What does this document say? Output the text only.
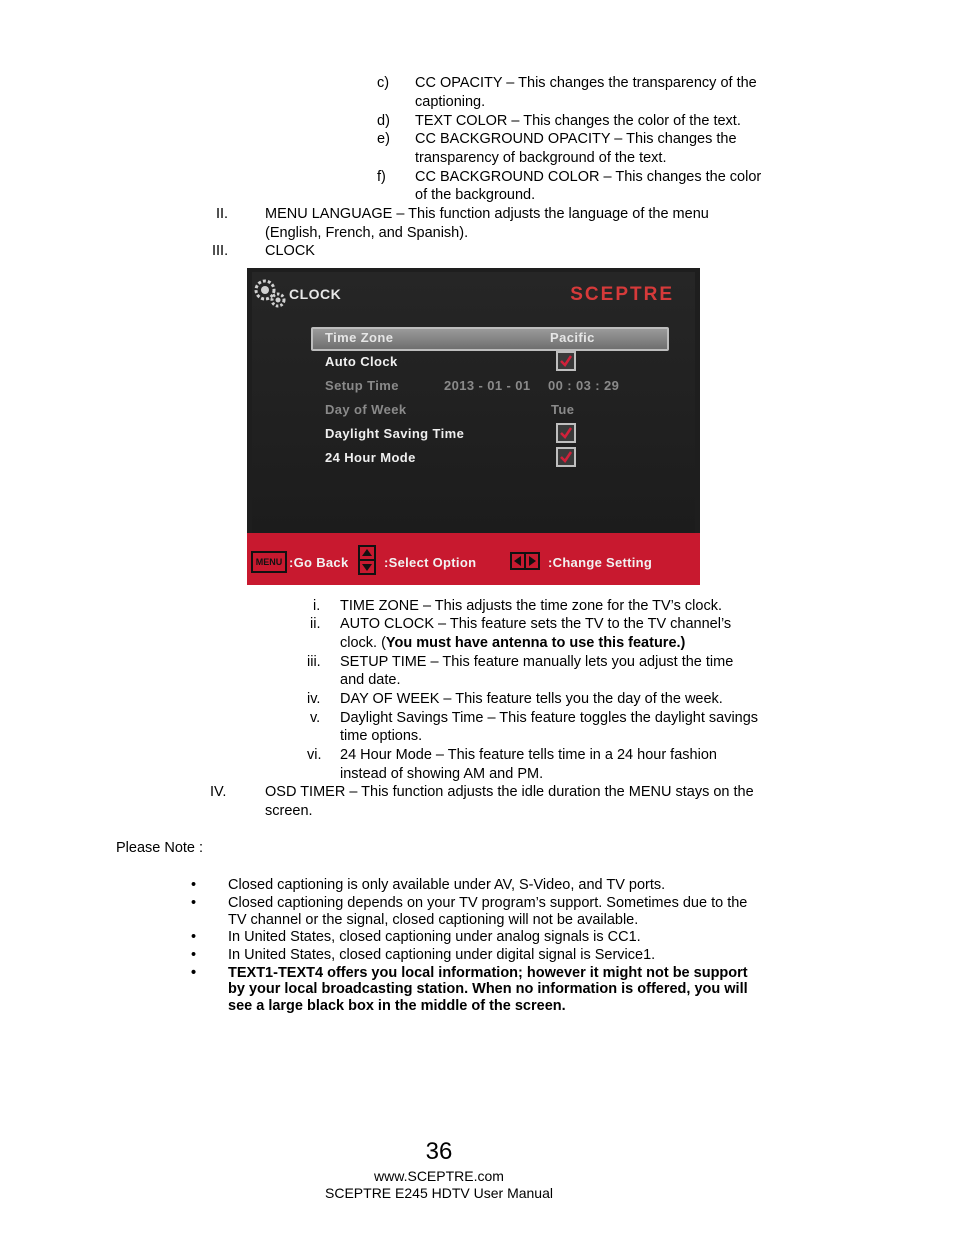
c) CC OPACITY – This changes the transparency of the
captioning.
d) TEXT COLOR – This changes the color of the text.
e) CC BACKGROUND OPACITY – This changes the
transparency of background of the text.
f) CC BACKGROUND COLOR – This changes the color
of the background.
II.	MENU LANGUAGE – This function adjusts the language of the menu
(English, French, and Spanish).
III.	CLOCK
CLOCK	SCEPTRE
Time Zone	Pacific
Auto Clock
Setup Time	2013 - 01 - 01 00 : 03 : 29
Day of Week	Tue
Daylight Saving Time
24 Hour Mode
MENU :Go Back	:Select Option	:Change Setting
i. TIME ZONE – This adjusts the time zone for the TV’s clock.
ii. AUTO CLOCK – This feature sets the TV to the TV channel’s
clock. (You must have antenna to use this feature.)
iii. SETUP TIME – This feature manually lets you adjust the time
and date.
iv. DAY OF WEEK – This feature tells you the day of the week.
v. Daylight Savings Time – This feature toggles the daylight savings
time options.
vi. 24 Hour Mode – This feature tells time in a 24 hour fashion
instead of showing AM and PM.
IV.	OSD TIMER – This function adjusts the idle duration the MENU stays on the
screen.
Please Note :
• Closed captioning is only available under AV, S-Video, and TV ports.
• Closed captioning depends on your TV program’s support. Sometimes due to the
TV channel or the signal, closed captioning will not be available.
• In United States, closed captioning under analog signals is CC1.
• In United States, closed captioning under digital signal is Service1.
• TEXT1-TEXT4 offers you local information; however it might not be support
by your local broadcasting station. When no information is offered, you will
see a large black box in the middle of the screen.
36
www.SCEPTRE.com
SCEPTRE E245 HDTV User Manual
